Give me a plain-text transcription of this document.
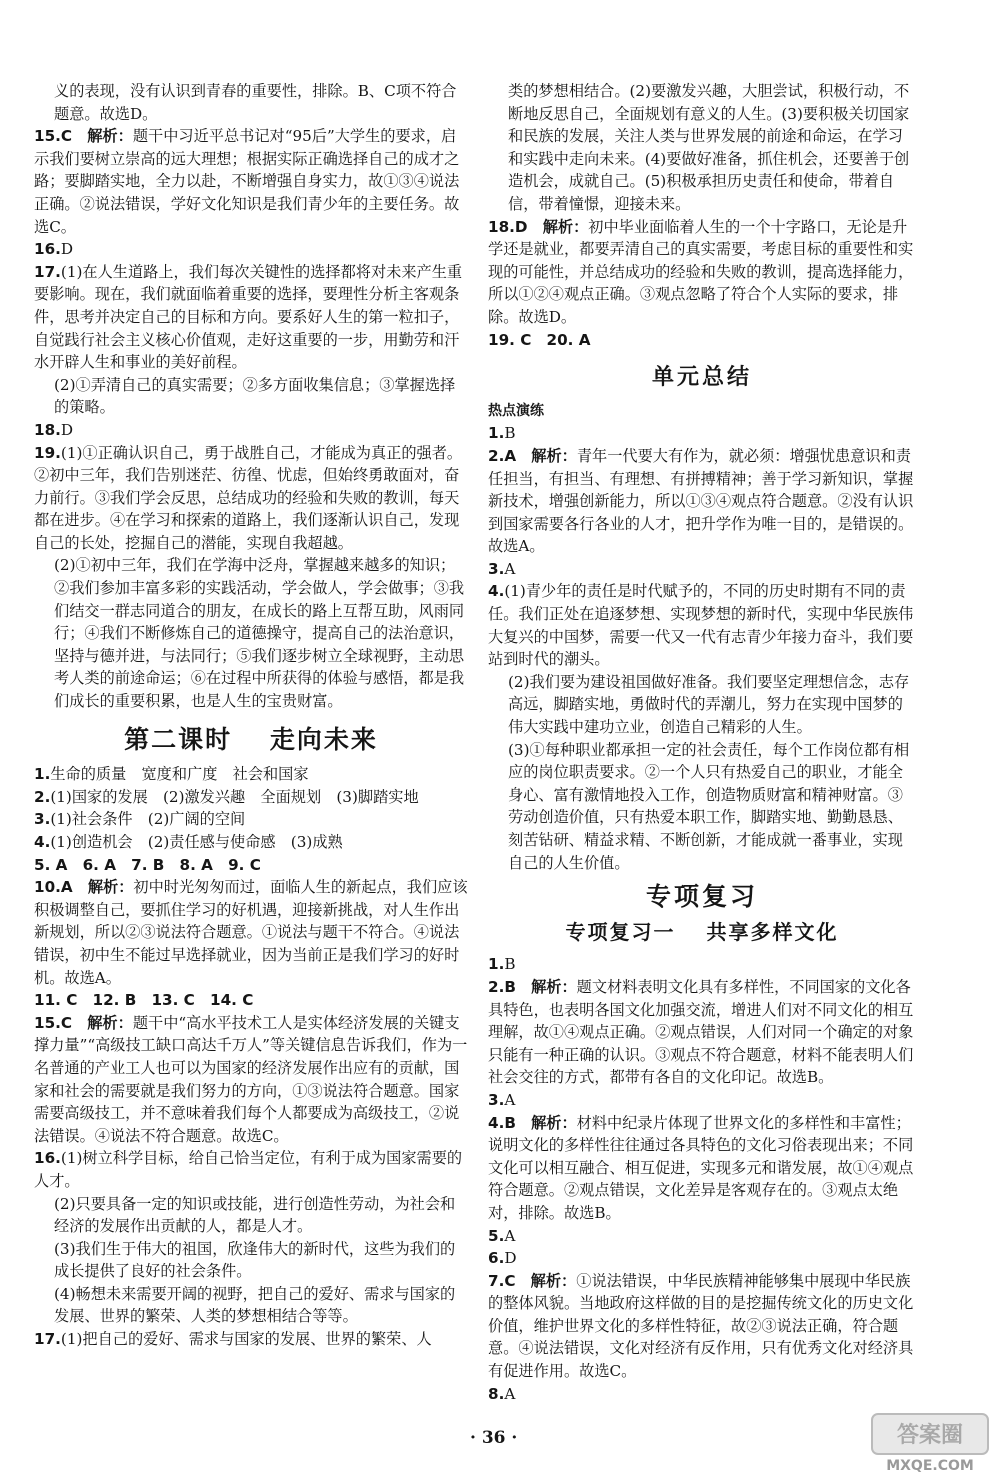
义的表现，没有认识到青春的重要性，排除。B、C项不符合题意。故选D。
15.C　解析：题干中习近平总书记对“95后”大学生的要求，启示我们要树立崇高的远大理想；根据实际正确选择自己的成才之路；要脚踏实地，全力以赴，不断增强自身实力，故①③④说法正确。②说法错误，学好文化知识是我们青少年的主要任务。故选C。
16.D
17.(1)在人生道路上，我们每次关键性的选择都将对未来产生重要影响。现在，我们就面临着重要的选择，要理性分析主客观条件，思考并决定自己的目标和方向。要系好人生的第一粒扣子，自觉践行社会主义核心价值观，走好这重要的一步，用勤劳和汗水开辟人生和事业的美好前程。
(2)①弄清自己的真实需要；②多方面收集信息；③掌握选择的策略。
18.D
19.(1)①正确认识自己，勇于战胜自己，才能成为真正的强者。②初中三年，我们告别迷茫、彷徨、忧虑，但始终勇敢面对，奋力前行。③我们学会反思，总结成功的经验和失败的教训，每天都在进步。④在学习和探索的道路上，我们逐渐认识自己，发现自己的长处，挖掘自己的潜能，实现自我超越。
(2)①初中三年，我们在学海中泛舟，掌握越来越多的知识；②我们参加丰富多彩的实践活动，学会做人，学会做事；③我们结交一群志同道合的朋友，在成长的路上互帮互助，风雨同行；④我们不断修炼自己的道德操守，提高自己的法治意识，坚持与德并进，与法同行；⑤我们逐步树立全球视野，主动思考人类的前途命运；⑥在过程中所获得的体验与感悟，都是我们成长的重要积累，也是人生的宝贵财富。
第二课时　 走向未来
1.生命的质量　宽度和广度　社会和国家
2.(1)国家的发展　(2)激发兴趣　全面规划　(3)脚踏实地
3.(1)社会条件　(2)广阔的空间
4.(1)创造机会　(2)责任感与使命感　(3)成熟
5. A　6. A　7. B　8. A　9. C
10.A　解析：初中时光匆匆而过，面临人生的新起点，我们应该积极调整自己，要抓住学习的好机遇，迎接新挑战，对人生作出新规划，所以②③说法符合题意。①说法与题干不符合。④说法错误，初中生不能过早选择就业，因为当前正是我们学习的好时机。故选A。
11. C　12. B　13. C　14. C
15.C　解析：题干中“高水平技术工人是实体经济发展的关键支撑力量”“高级技工缺口高达千万人”等关键信息告诉我们，作为一名普通的产业工人也可以为国家的经济发展作出应有的贡献，国家和社会的需要就是我们努力的方向，①③说法符合题意。国家需要高级技工，并不意味着我们每个人都要成为高级技工，②说法错误。④说法不符合题意。故选C。
16.(1)树立科学目标，给自己恰当定位，有利于成为国家需要的人才。
(2)只要具备一定的知识或技能，进行创造性劳动，为社会和经济的发展作出贡献的人，都是人才。
(3)我们生于伟大的祖国，欣逢伟大的新时代，这些为我们的成长提供了良好的社会条件。
(4)畅想未来需要开阔的视野，把自己的爱好、需求与国家的发展、世界的繁荣、人类的梦想相结合等等。
17.(1)把自己的爱好、需求与国家的发展、世界的繁荣、人
类的梦想相结合。(2)要激发兴趣，大胆尝试，积极行动，不断地反思自己，全面规划有意义的人生。(3)要积极关切国家和民族的发展，关注人类与世界发展的前途和命运，在学习和实践中走向未来。(4)要做好准备，抓住机会，还要善于创造机会，成就自己。(5)积极承担历史责任和使命，带着自信，带着憧憬，迎接未来。
18.D　解析：初中毕业面临着人生的一个十字路口，无论是升学还是就业，都要弄清自己的真实需要，考虑目标的重要性和实现的可能性，并总结成功的经验和失败的教训，提高选择能力，所以①②④观点正确。③观点忽略了符合个人实际的要求，排除。故选D。
19. C　20. A
单元总结
热点演练
1.B
2.A　解析：青年一代要大有作为，就必须：增强忧患意识和责任担当，有担当、有理想、有拼搏精神；善于学习新知识，掌握新技术，增强创新能力，所以①③④观点符合题意。②没有认识到国家需要各行各业的人才，把升学作为唯一目的，是错误的。故选A。
3.A
4.(1)青少年的责任是时代赋予的，不同的历史时期有不同的责任。我们正处在追逐梦想、实现梦想的新时代，实现中华民族伟大复兴的中国梦，需要一代又一代有志青少年接力奋斗，我们要站到时代的潮头。
(2)我们要为建设祖国做好准备。我们要坚定理想信念，志存高远，脚踏实地，勇做时代的弄潮儿，努力在实现中国梦的伟大实践中建功立业，创造自己精彩的人生。
(3)①每种职业都承担一定的社会责任，每个工作岗位都有相应的岗位职责要求。②一个人只有热爱自己的职业，才能全身心、富有激情地投入工作，创造物质财富和精神财富。③劳动创造价值，只有热爱本职工作，脚踏实地、勤勤恳恳、刻苦钻研、精益求精、不断创新，才能成就一番事业，实现自己的人生价值。
专项复习
专项复习一　 共享多样文化
1.B
2.B　解析：题文材料表明文化具有多样性，不同国家的文化各具特色，也表明各国文化加强交流，增进人们对不同文化的相互理解，故①④观点正确。②观点错误，人们对同一个确定的对象只能有一种正确的认识。③观点不符合题意，材料不能表明人们社会交往的方式，都带有各自的文化印记。故选B。
3.A
4.B　解析：材料中纪录片体现了世界文化的多样性和丰富性；说明文化的多样性往往通过各具特色的文化习俗表现出来；不同文化可以相互融合、相互促进，实现多元和谐发展，故①④观点符合题意。②观点错误，文化差异是客观存在的。③观点太绝对，排除。故选B。
5.A
6.D
7.C　解析：①说法错误，中华民族精神能够集中展现中华民族的整体风貌。当地政府这样做的目的是挖掘传统文化的历史文化价值，维护世界文化的多样性特征，故②③说法正确，符合题意。④说法错误，文化对经济有反作用，只有优秀文化对经济具有促进作用。故选C。
8.A
· 36 ·	答案圈
MXQE.COM
